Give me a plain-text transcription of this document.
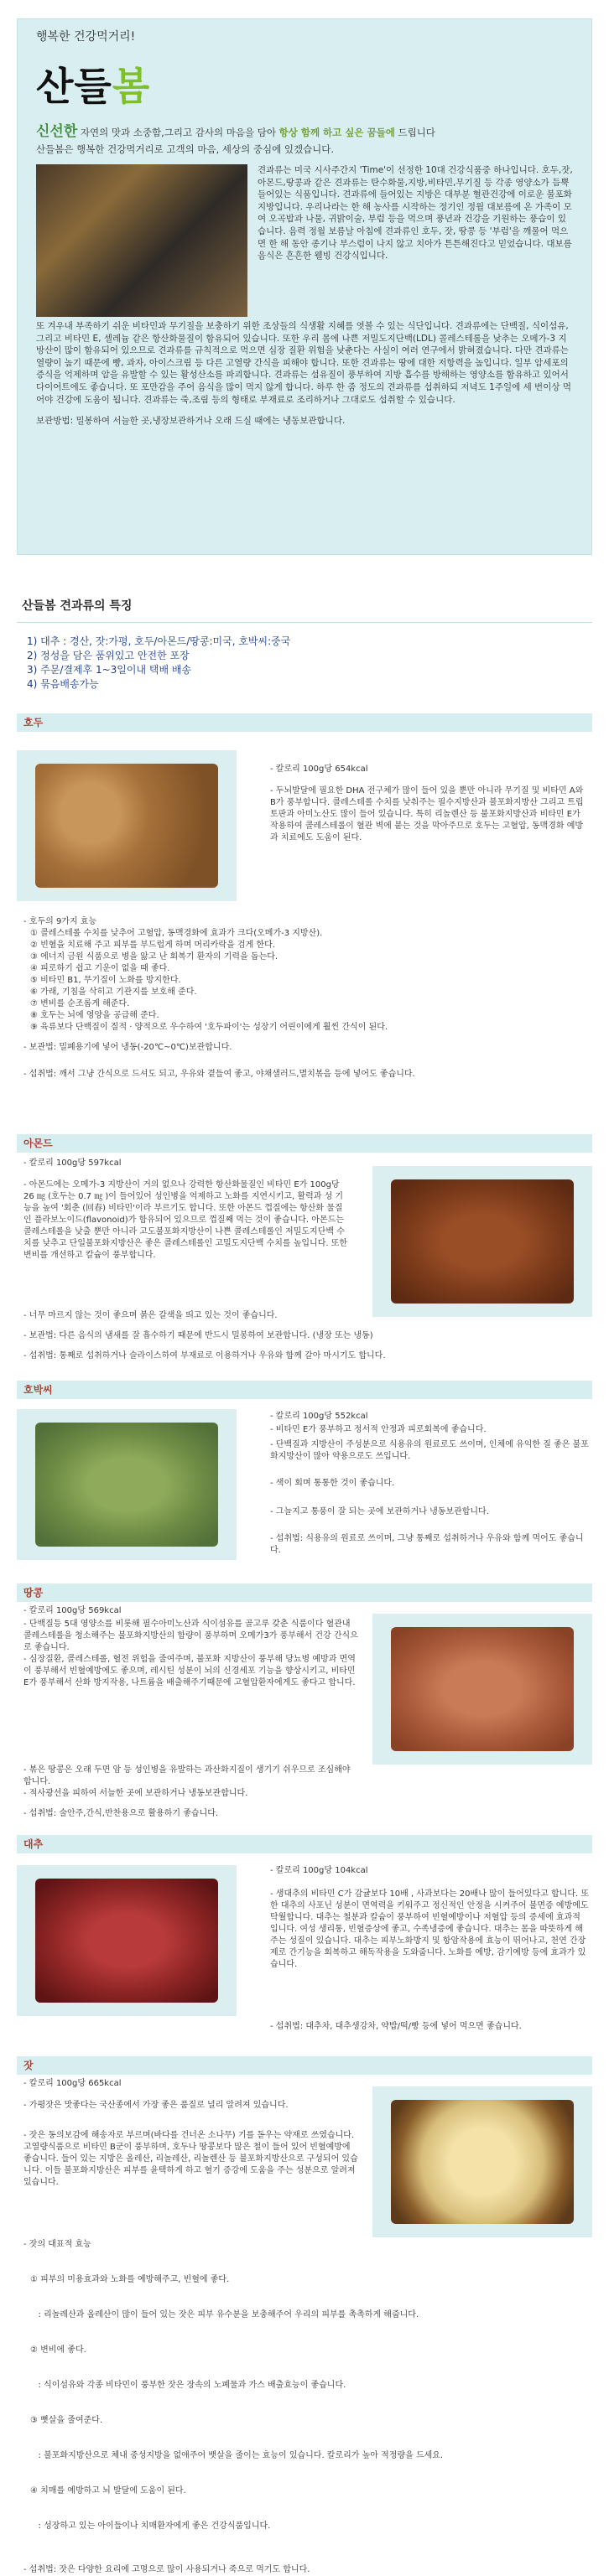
행복한 건강먹거리!
산들봄
신선한 자연의 맛과 소중함,그리고 감사의 마음을 담아 항상 함께 하고 싶은 꿈들에 드립니다
산들봄은 행복한 건강먹거리로 고객의 마음, 세상의 중심에 있겠습니다.
견과류는 미국 시사주간지 'Time'이 선정한 10대 건강식품중 하나입니다. 호두,잣,아몬드,땅콩과 같은 견과류는 탄수화물,지방,비타민,무기질 등 각종 영양소가 듬뿍 들어있는 식품입니다. 견과류에 들어있는 지방은 대부분 혈관건강에 이로운 불포화지방입니다. 우리나라는 한 해 농사를 시작하는 정기인 정월 대보름에 온 가족이 모여 오곡밥과 나물, 귀밝이술, 부럼 등을 먹으며 풍년과 건강을 기원하는 풍습이 있습니다. 음력 정월 보름날 아침에 견과류인 호두, 잣, 땅콩 등 '부럼'을 깨물어 먹으면 한 해 동안 종기나 부스럼이 나지 않고 치아가 튼튼해진다고 믿었습니다. 대보름 음식은 흔흔한 웰빙 건강식입니다.
또 겨우내 부족하기 쉬운 비타민과 무기질을 보충하기 위한 조상들의 식생활 지혜를 엿볼 수 있는 식단입니다. 견과류에는 단백질, 식이섬유, 그리고 비타민 E, 셀레늄 같은 항산화물질이 함유되어 있습니다. 또한 우리 몸에 나쁜 저밀도지단백(LDL) 콜레스테롤을 낮추는 오메가-3 지방산이 많이 함유되어 있으므로 견과류를 규칙적으로 먹으면 심장 질환 위험을 낮춘다는 사실이 여러 연구에서 밝혀졌습니다. 다만 견과류는 열량이 높기 때문에 빵, 과자, 아이스크림 등 다른 고열량 간식을 피해야 합니다. 또한 견과류는 땅에 대한 저항력을 높입니다. 일부 암세포의 증식을 억제하며 암을 유발할 수 있는 활성산소를 파괴합니다. 견과류는 섬유질이 풍부하여 지방 흡수를 방해하는 영양소를 함유하고 있어서 다이어트에도 좋습니다. 또 포만감을 주어 음식을 많이 먹지 않게 합니다. 하루 한 줌 정도의 견과류를 섭취하되 저녁도 1주일에 세 번이상 먹어야 건강에 도움이 됩니다. 견과류는 죽,조림 등의 형태로 부재료로 조리하거나 그대로도 섭취할 수 있습니다.
보관방법: 밀봉하여 서늘한 곳,냉장보관하거나 오래 드실 때에는 냉동보관합니다.
산들봄 견과류의 특징
1) 대추 : 경산, 잣:가평, 호두/아몬드/땅콩:미국, 호박씨:중국
2) 정성을 담은 품위있고 안전한 포장
3) 주문/결제후 1~3일이내 택배 배송
4) 묶음배송가능
호두
- 칼로리 100g당 654kcal
- 두뇌발달에 필요한 DHA 전구체가 많이 들어 있을 뿐만 아니라 무기질 및 비타민 A와 B가 풍부합니다. 콜레스테롤 수치를 낮춰주는 필수지방산과 불포화지방산 그리고 트립토판과 아미노산도 많이 들어 있습니다. 특히 리놀렌산 등 불포화지방산과 비타민 E가 작용하여 콜레스테롤이 혈관 벽에 붙는 것을 막아주므로 호두는 고혈압, 동맥경화 예방과 치료에도 도움이 된다.
- 호두의 9가지 효능
① 콜레스테롤 수치를 낮추어 고혈압, 동맥경화에 효과가 크다(오메가-3 지방산).
② 빈혈을 치료해 주고 피부를 부드럽게 하며 머리카락을 검게 한다.
③ 에너지 금원 식품으로 병을 앓고 난 회복기 환자의 기력을 돕는다.
④ 피로하기 쉽고 기운이 없을 때 좋다.
⑤ 비타민 B1, 무기질이 노화를 방지한다.
⑥ 가래, 기침을 삭히고 기관지를 보호해 준다.
⑦ 변비를 순조롭게 해준다.
⑧ 호두는 뇌에 영양을 공급해 준다.
⑨ 육류보다 단백질이 질적 · 양적으로 우수하여 '호두파이'는 성장기 어린이에게 훨씬 간식이 된다.
- 보관법: 밀폐용기에 넣어 냉동(-20℃~0℃)보관합니다.
- 섭취법: 깨서 그냥 간식으로 드셔도 되고, 우유와 곁들여 좋고, 야채샐러드,멸치볶음 등에 넣어도 좋습니다.
아몬드
- 칼로리 100g당 597kcal
- 아몬드에는 오메가-3 지방산이 거의 없으나 강력한 항산화물질인 비타민 E가 100g당 26 ㎎ (호두는 0.7 ㎎ )이 들어있어 성인병을 억제하고 노화를 지연시키고, 활력과 성 기능을 높여 '회춘 (回春) 비타민'이라 부르기도 합니다. 또한 아몬드 껍질에는 항산화 물질인 플라보노이드(flavonoid)가 함유되어 있으므로 껍질째 먹는 것이 좋습니다. 아몬드는 콜레스테롤을 낮출 뿐만 아니라 고도불포화지방산이 나쁜 콜레스테롤인 저밀도지단백 수치를 낮추고 단일불포화지방산은 좋은 콜레스테롤인 고밀도지단백 수치를 높입니다. 또한 변비를 개선하고 칼슘이 풍부합니다.
- 너무 마르지 않는 것이 좋으며 붉은 갈색을 띄고 있는 것이 좋습니다.
- 보관법: 다른 음식의 냄새를 잘 흡수하기 때문에 반드시 밀봉하여 보관합니다. (냉장 또는 냉동)
- 섭취법: 통째로 섭취하거나 슬라이스하여 부재료로 이용하거나 우유와 함께 갈아 마시기도 합니다.
호박씨
- 칼로리 100g당 552kcal
- 비타민 E가 풍부하고 정서적 안정과 피로회복에 좋습니다.
- 단백질과 지방산이 주성분으로 식용유의 원료로도 쓰이며, 인체에 유익한 질 좋은 불포화지방산이 많아 약용으로도 쓰입니다.
- 색이 회며 통통한 것이 좋습니다.
- 그늘지고 통풍이 잘 되는 곳에 보관하거나 냉동보관합니다.
- 섭취법: 식용유의 원료로 쓰이며, 그냥 통째로 섭취하거나 우유와 함께 먹어도 좋습니다.
땅콩
- 칼로리 100g당 569kcal
- 단백질등 5대 영양소를 비롯해 필수아미노산과 식이섬유를 골고루 갖춘 식품이다 혈관내 콜레스테롤을 청소해주는 불포화지방산의 함량이 풍부하며 오메가3가 풍부해서 건강 간식으로 좋습니다.
- 심장질환, 콜레스테롤, 혈전 위험을 줄여주며, 불포화 지방산이 풍부해 당뇨병 예방과 면역이 풍부해서 빈혈예방에도 좋으며, 레시틴 성분이 뇌의 신경세포 기능을 향상시키고, 비타민E가 풍부해서 산화 방지작용, 나트륨을 배출해주기때문에 고혈압환자에게도 좋다고 합니다.
- 볶은 땅콩은 오래 두면 암 등 성인병을 유발하는 과산화지질이 생기기 쉬우므로 조심해야 합니다.
- 적사광선을 피하여 서늘한 곳에 보관하거나 냉동보관합니다.
- 섭취법: 술안주,간식,반찬용으로 활용하기 좋습니다.
대추
- 칼로리 100g당 104kcal
- 생대추의 비타민 C가 감귤보다 10배 , 사과보다는 20배나 많이 들어있다고 합니다. 또한 대추의 사포닌 성분이 면역력을 키워주고 정신적인 안정을 시켜주어 불면증 예방에도 탁월합니다. 대추는 철분과 칼슘이 풍부하여 빈혈예방이나 저혈압 등의 증세에 효과적 입니다. 여성 생리통, 빈혈증상에 좋고, 수족냉증에 좋습니다. 대추는 몸을 따뜻하게 해주는 성질이 있습니다. 대추는 피부노화방지 및 항암작용에 효능이 뛰어나고, 천연 간장제로 간기능을 회복하고 해독작용을 도와줍니다. 노화를 예방, 감기예방 등에 효과가 있습니다.
- 섭취법: 대추차, 대추생강차, 약밥/떡/빵 등에 넣어 먹으면 좋습니다.
잣
- 칼로리 100g당 665kcal
- 가평잣은 맛좋다는 국산종에서 가장 좋은 품질로 널리 알려져 있습니다.
- 잣은 동의보감에 해송자로 부르며(바다를 건너온 소나무) 기를 돋우는 약재로 쓰였습니다. 고열량식품으로 비타민 B군이 풍부하며, 호두나 땅콩보다 많은 철이 들어 있어 빈혈예방에 좋습니다. 들어 있는 지방은 올레산, 리놀레산, 리놀렌산 등 불포화지방산으로 구성되어 있습니다. 이들 불포화지방산은 피부를 윤택하게 하고 혈기 증강에 도움을 주는 성분으로 알려져 있습니다.
- 잣의 대표적 효능

① 피부의 미용효과와 노화를 예방해주고, 빈혈에 좋다.

: 리놀레산과 올레산이 많이 들어 있는 잣은 피부 유수분을 보충해주어 우리의 피부를 촉촉하게 해줍니다.

② 변비에 좋다.

: 식이섬유와 각종 비타민이 풍부한 잣은 장속의 노폐물과 가스 배출효능이 좋습니다.

③ 뼛살을 줄여준다.

: 불포화지방산으로 체내 중성지방을 없애주어 뱃살을 줄이는 효능이 있습니다. 칼로리가 높아 적정량을 드세요.

④ 치매를 예방하고 뇌 발달에 도움이 된다.

: 성장하고 있는 아이들이나 치매환자에게 좋은 건강식품입니다.

- 섭취법: 잣은 다양한 요리에 고명으로 많이 사용되거나 죽으로 먹기도 합니다.
